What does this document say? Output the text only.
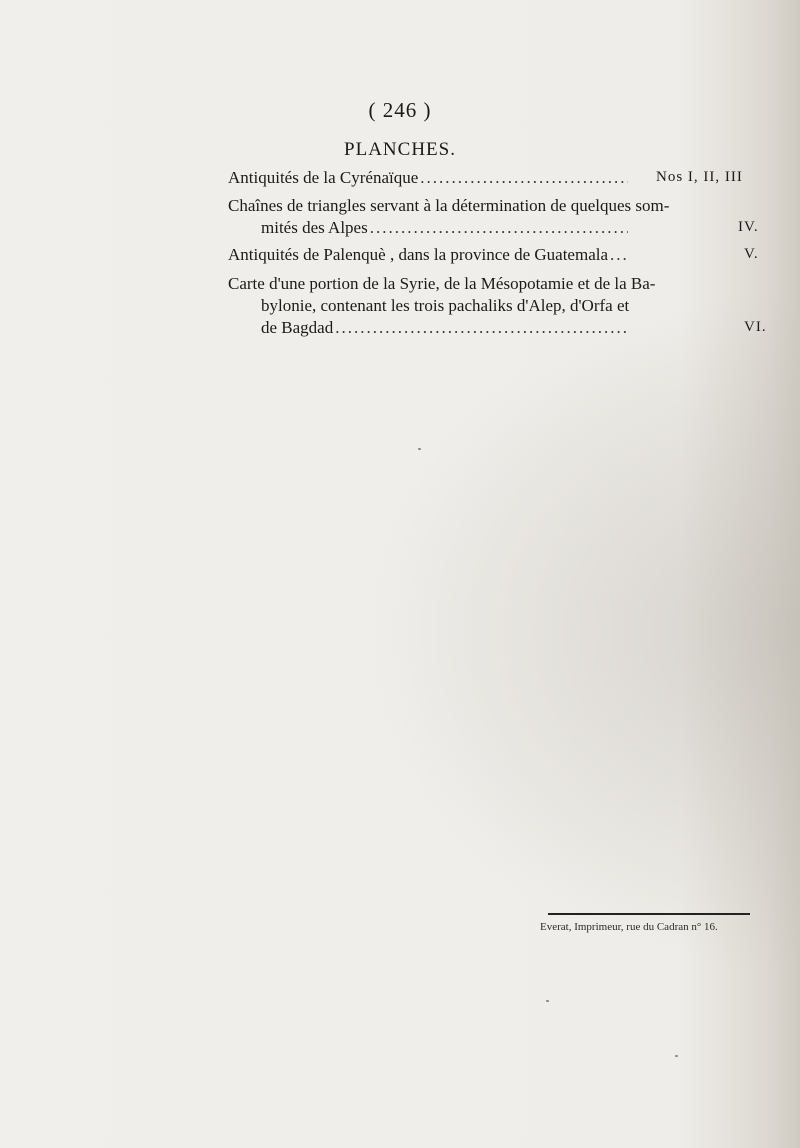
( 246 )
PLANCHES.
Antiquités de la Cyrénaïque .....	Nos I, II, III
Chaînes de triangles servant à la détermination de quelques som-
mités des Alpes .....	IV.
Antiquités de Palenquè , dans la province de Guatemala .....	V.
Carte d'une portion de la Syrie, de la Mésopotamie et de la Ba-
bylonie, contenant les trois pachaliks d'Alep, d'Orfa et
de Bagdad .....	VI.
Everat, Imprimeur, rue du Cadran n° 16.
